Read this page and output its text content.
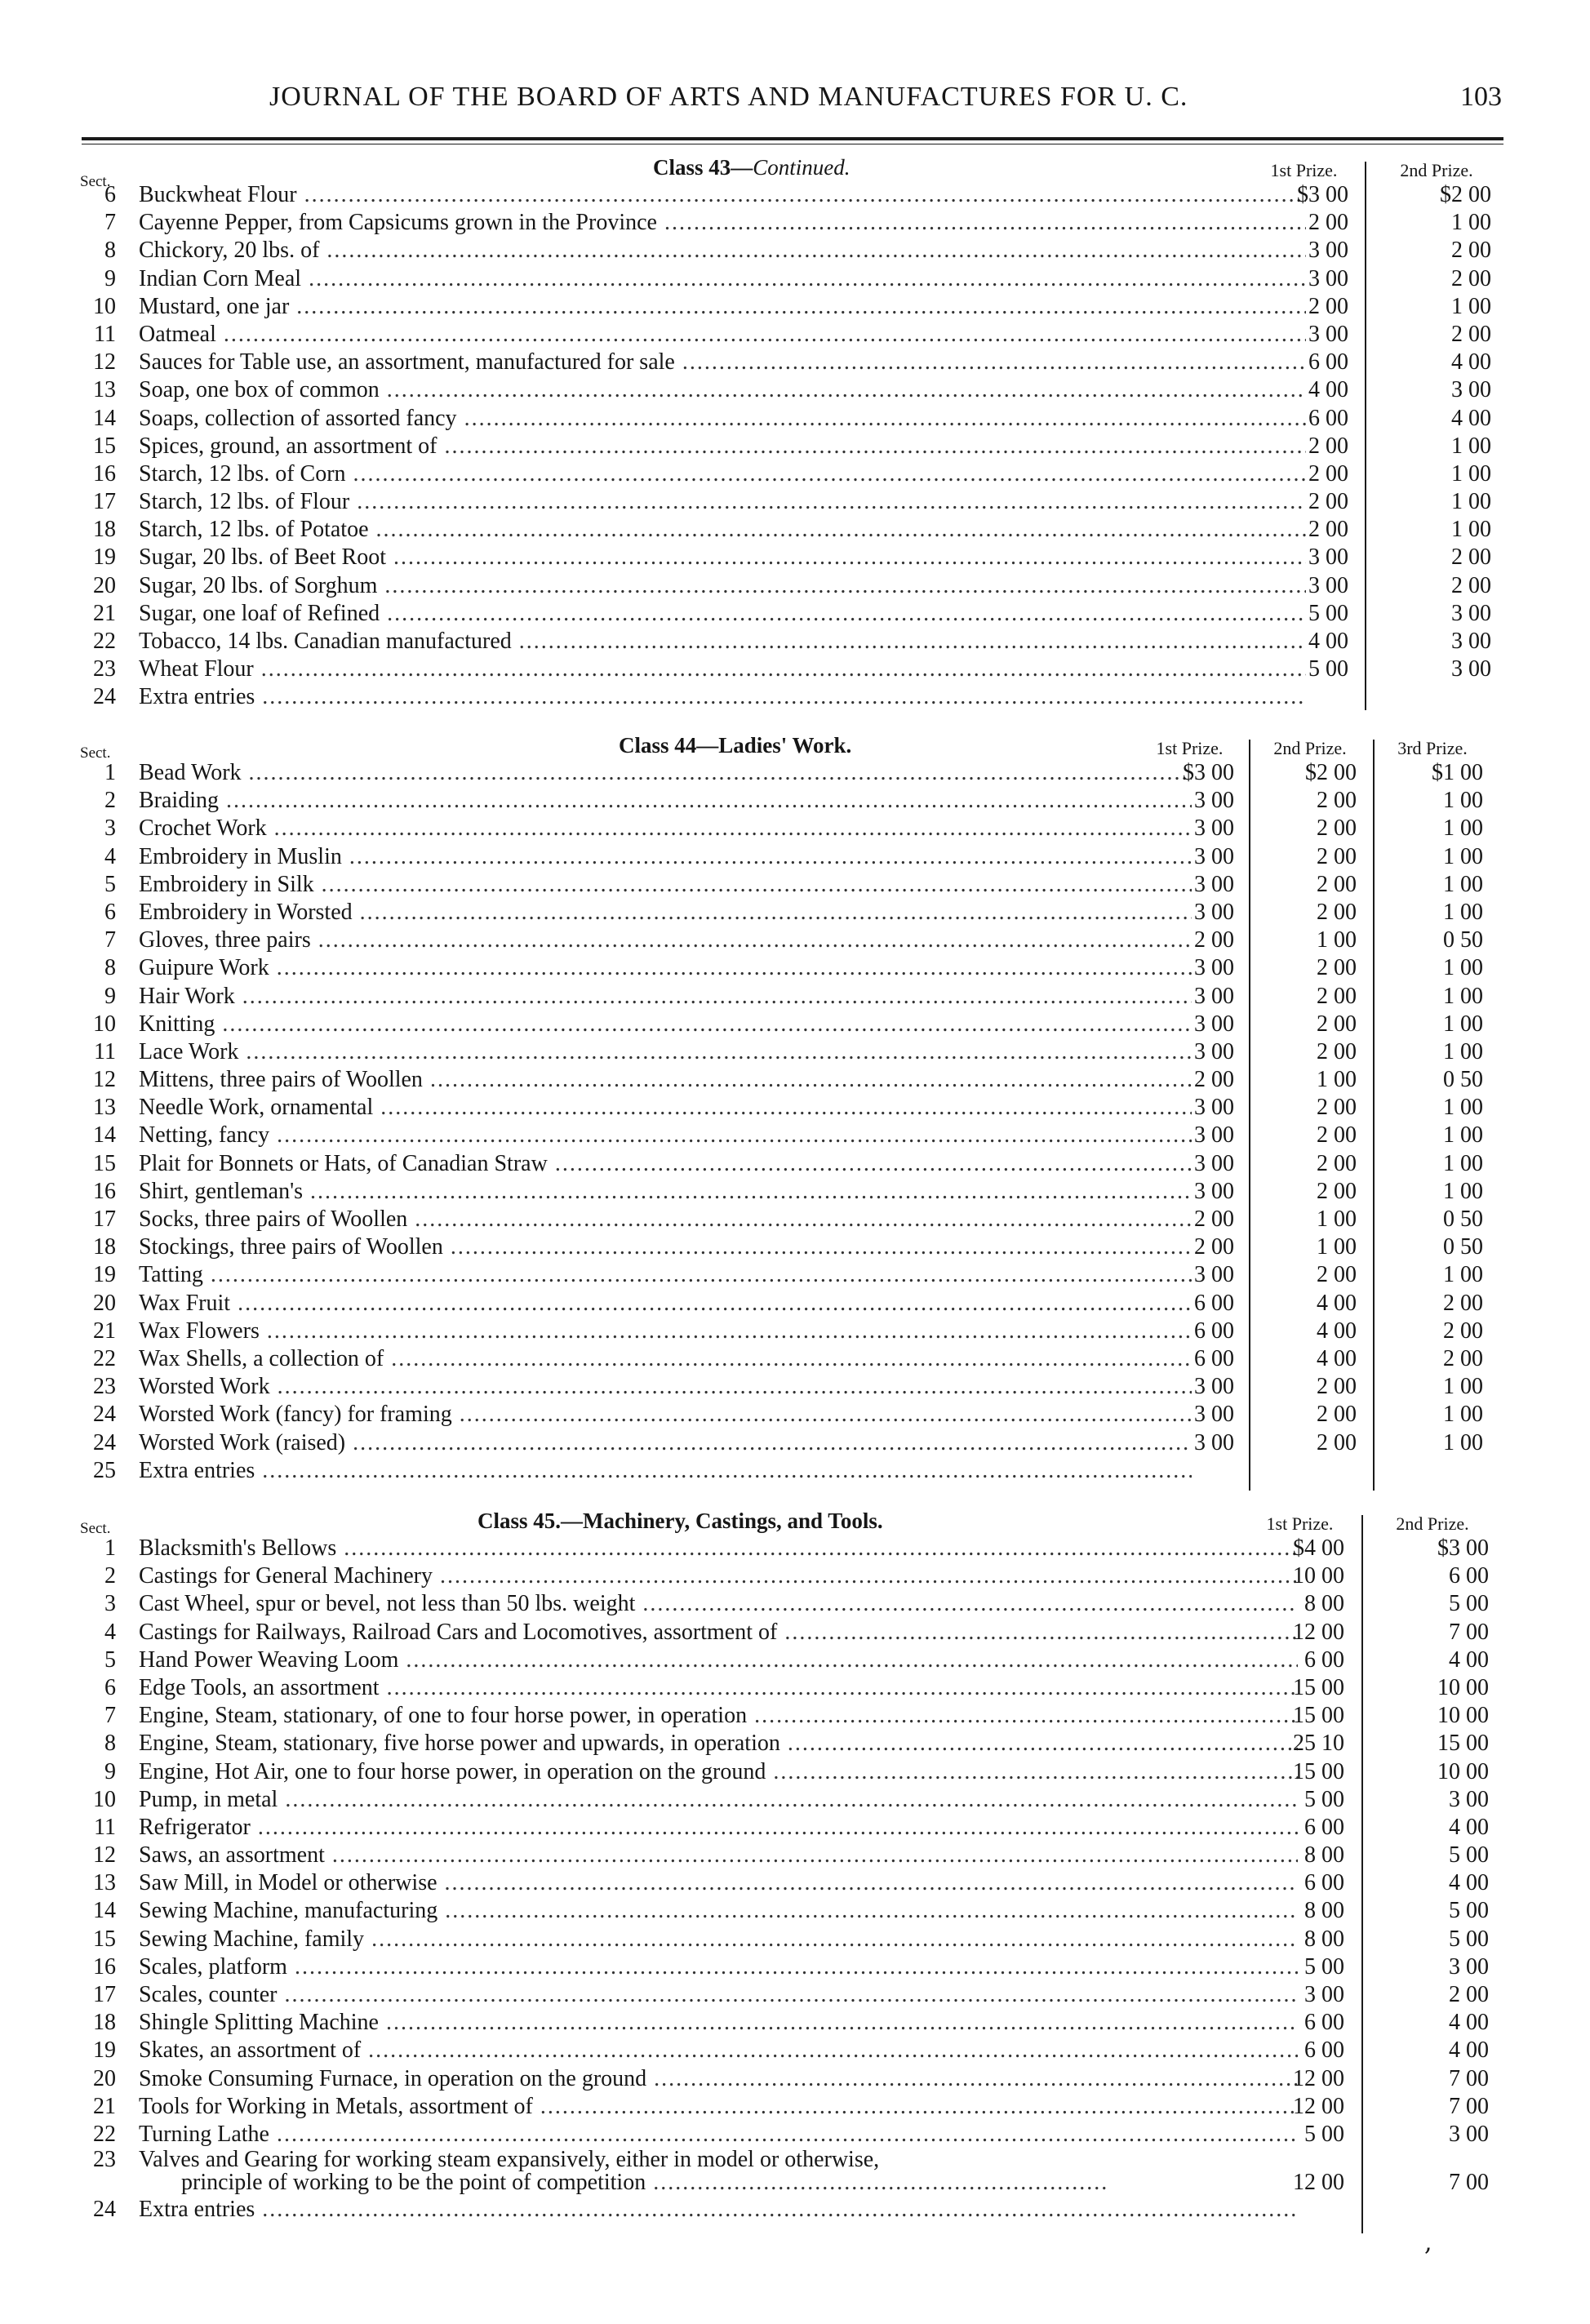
JOURNAL OF THE BOARD OF ARTS AND MANUFACTURES FOR U. C.	103
Sect.
Class 43—Continued.	1st Prize.	2nd Prize.
6 Buckwheat Flour .....	$3 00	$2 00
7 Cayenne Pepper, from Capsicums grown in the Province .....	2 00	1 00
8 Chickory, 20 lbs. of .....	3 00	2 00
9 Indian Corn Meal .....	3 00	2 00
10 Mustard, one jar .....	2 00	1 00
11 Oatmeal .....	3 00	2 00
12 Sauces for Table use, an assortment, manufactured for sale .....	6 00	4 00
13 Soap, one box of common .....	4 00	3 00
14 Soaps, collection of assorted fancy .....	6 00	4 00
15 Spices, ground, an assortment of .....	2 00	1 00
16 Starch, 12 lbs. of Corn .....	2 00	1 00
17 Starch, 12 lbs. of Flour .....	2 00	1 00
18 Starch, 12 lbs. of Potatoe .....	2 00	1 00
19 Sugar, 20 lbs. of Beet Root .....	3 00	2 00
20 Sugar, 20 lbs. of Sorghum .....	3 00	2 00
21 Sugar, one loaf of Refined .....	5 00	3 00
22 Tobacco, 14 lbs. Canadian manufactured .....	4 00	3 00
23 Wheat Flour .....	5 00	3 00
24 Extra entries .....
Sect.	Class 44—Ladies' Work.	1st Prize.	2nd Prize.	3rd Prize.
1 Bead Work .....	$3 00	$2 00	$1 00
2 Braiding .....	3 00	2 00	1 00
3 Crochet Work .....	3 00	2 00	1 00
4 Embroidery in Muslin .....	3 00	2 00	1 00
5 Embroidery in Silk .....	3 00	2 00	1 00
6 Embroidery in Worsted .....	3 00	2 00	1 00
7 Gloves, three pairs .....	2 00	1 00	0 50
8 Guipure Work .....	3 00	2 00	1 00
9 Hair Work .....	3 00	2 00	1 00
10 Knitting .....	3 00	2 00	1 00
11 Lace Work .....	3 00	2 00	1 00
12 Mittens, three pairs of Woollen .....	2 00	1 00	0 50
13 Needle Work, ornamental .....	3 00	2 00	1 00
14 Netting, fancy .....	3 00	2 00	1 00
15 Plait for Bonnets or Hats, of Canadian Straw .....	3 00	2 00	1 00
16 Shirt, gentleman's .....	3 00	2 00	1 00
17 Socks, three pairs of Woollen .....	2 00	1 00	0 50
18 Stockings, three pairs of Woollen .....	2 00	1 00	0 50
19 Tatting .....	3 00	2 00	1 00
20 Wax Fruit .....	6 00	4 00	2 00
21 Wax Flowers .....	6 00	4 00	2 00
22 Wax Shells, a collection of .....	6 00	4 00	2 00
23 Worsted Work .....	3 00	2 00	1 00
24 Worsted Work (fancy) for framing .....	3 00	2 00	1 00
24 Worsted Work (raised) .....	3 00	2 00	1 00
25 Extra entries .....
Sect.	Class 45.—Machinery, Castings, and Tools.	1st Prize.	2nd Prize.
1 Blacksmith's Bellows .....	$4 00	$3 00
2 Castings for General Machinery .....	10 00	6 00
3 Cast Wheel, spur or bevel, not less than 50 lbs. weight .....	8 00	5 00
4 Castings for Railways, Railroad Cars and Locomotives, assortment of .....	12 00	7 00
5 Hand Power Weaving Loom .....	6 00	4 00
6 Edge Tools, an assortment .....	15 00	10 00
7 Engine, Steam, stationary, of one to four horse power, in operation .....	15 00	10 00
8 Engine, Steam, stationary, five horse power and upwards, in operation .....	25 10	15 00
9 Engine, Hot Air, one to four horse power, in operation on the ground .....	15 00	10 00
10 Pump, in metal .....	5 00	3 00
11 Refrigerator .....	6 00	4 00
12 Saws, an assortment .....	8 00	5 00
13 Saw Mill, in Model or otherwise .....	6 00	4 00
14 Sewing Machine, manufacturing .....	8 00	5 00
15 Sewing Machine, family .....	8 00	5 00
16 Scales, platform .....	5 00	3 00
17 Scales, counter .....	3 00	2 00
18 Shingle Splitting Machine .....	6 00	4 00
19 Skates, an assortment of .....	6 00	4 00
20 Smoke Consuming Furnace, in operation on the ground .....	12 00	7 00
21 Tools for Working in Metals, assortment of .....	12 00	7 00
22 Turning Lathe .....	5 00	3 00
23 Valves and Gearing for working steam expansively, either in model or otherwise,
principle of working to be the point of competition .....	12 00	7 00
24 Extra entries .....
,
